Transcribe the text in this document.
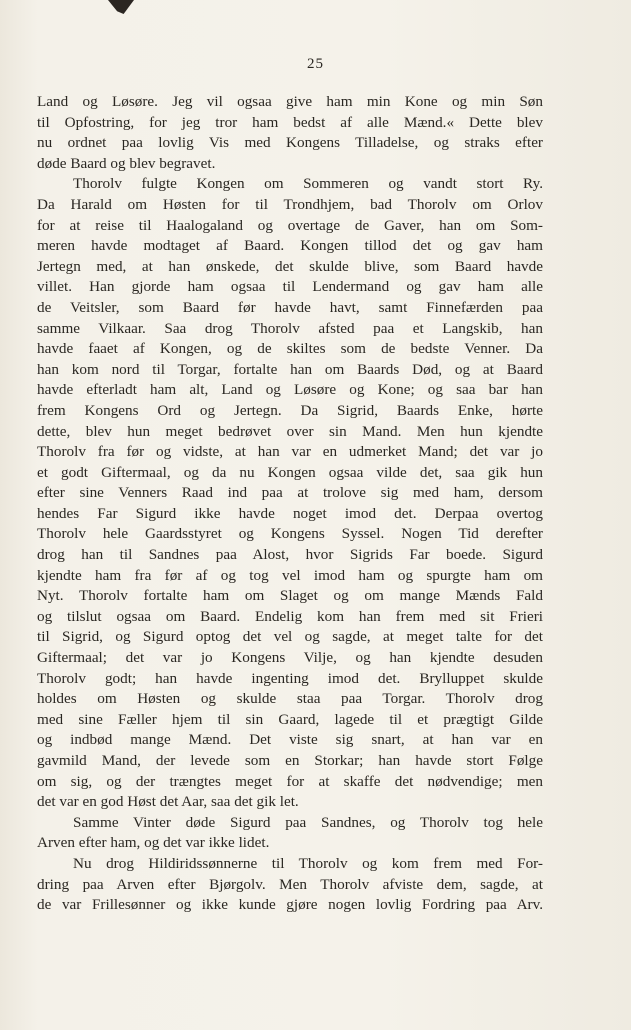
25
Land og Løsøre. Jeg vil ogsaa give ham min Kone og min Søn
til Opfostring, for jeg tror ham bedst af alle Mænd.« Dette blev
nu ordnet paa lovlig Vis med Kongens Tilladelse, og straks efter
døde Baard og blev begravet.
Thorolv fulgte Kongen om Sommeren og vandt stort Ry.
Da Harald om Høsten for til Trondhjem, bad Thorolv om Orlov
for at reise til Haalogaland og overtage de Gaver, han om Som-
meren havde modtaget af Baard. Kongen tillod det og gav ham
Jertegn med, at han ønskede, det skulde blive, som Baard havde
villet. Han gjorde ham ogsaa til Lendermand og gav ham alle
de Veitsler, som Baard før havde havt, samt Finnefærden paa
samme Vilkaar. Saa drog Thorolv afsted paa et Langskib, han
havde faaet af Kongen, og de skiltes som de bedste Venner. Da
han kom nord til Torgar, fortalte han om Baards Død, og at Baard
havde efterladt ham alt, Land og Løsøre og Kone; og saa bar han
frem Kongens Ord og Jertegn. Da Sigrid, Baards Enke, hørte
dette, blev hun meget bedrøvet over sin Mand. Men hun kjendte
Thorolv fra før og vidste, at han var en udmerket Mand; det var jo
et godt Giftermaal, og da nu Kongen ogsaa vilde det, saa gik hun
efter sine Venners Raad ind paa at trolove sig med ham, dersom
hendes Far Sigurd ikke havde noget imod det. Derpaa overtog
Thorolv hele Gaardsstyret og Kongens Syssel. Nogen Tid derefter
drog han til Sandnes paa Alost, hvor Sigrids Far boede. Sigurd
kjendte ham fra før af og tog vel imod ham og spurgte ham om
Nyt. Thorolv fortalte ham om Slaget og om mange Mænds Fald
og tilslut ogsaa om Baard. Endelig kom han frem med sit Frieri
til Sigrid, og Sigurd optog det vel og sagde, at meget talte for det
Giftermaal; det var jo Kongens Vilje, og han kjendte desuden
Thorolv godt; han havde ingenting imod det. Brylluppet skulde
holdes om Høsten og skulde staa paa Torgar. Thorolv drog
med sine Fæller hjem til sin Gaard, lagede til et prægtigt Gilde
og indbød mange Mænd. Det viste sig snart, at han var en
gavmild Mand, der levede som en Storkar; han havde stort Følge
om sig, og der trængtes meget for at skaffe det nødvendige; men
det var en god Høst det Aar, saa det gik let.
Samme Vinter døde Sigurd paa Sandnes, og Thorolv tog hele
Arven efter ham, og det var ikke lidet.
Nu drog Hildiridssønnerne til Thorolv og kom frem med For-
dring paa Arven efter Bjørgolv. Men Thorolv afviste dem, sagde, at
de var Frillesønner og ikke kunde gjøre nogen lovlig Fordring paa Arv.
